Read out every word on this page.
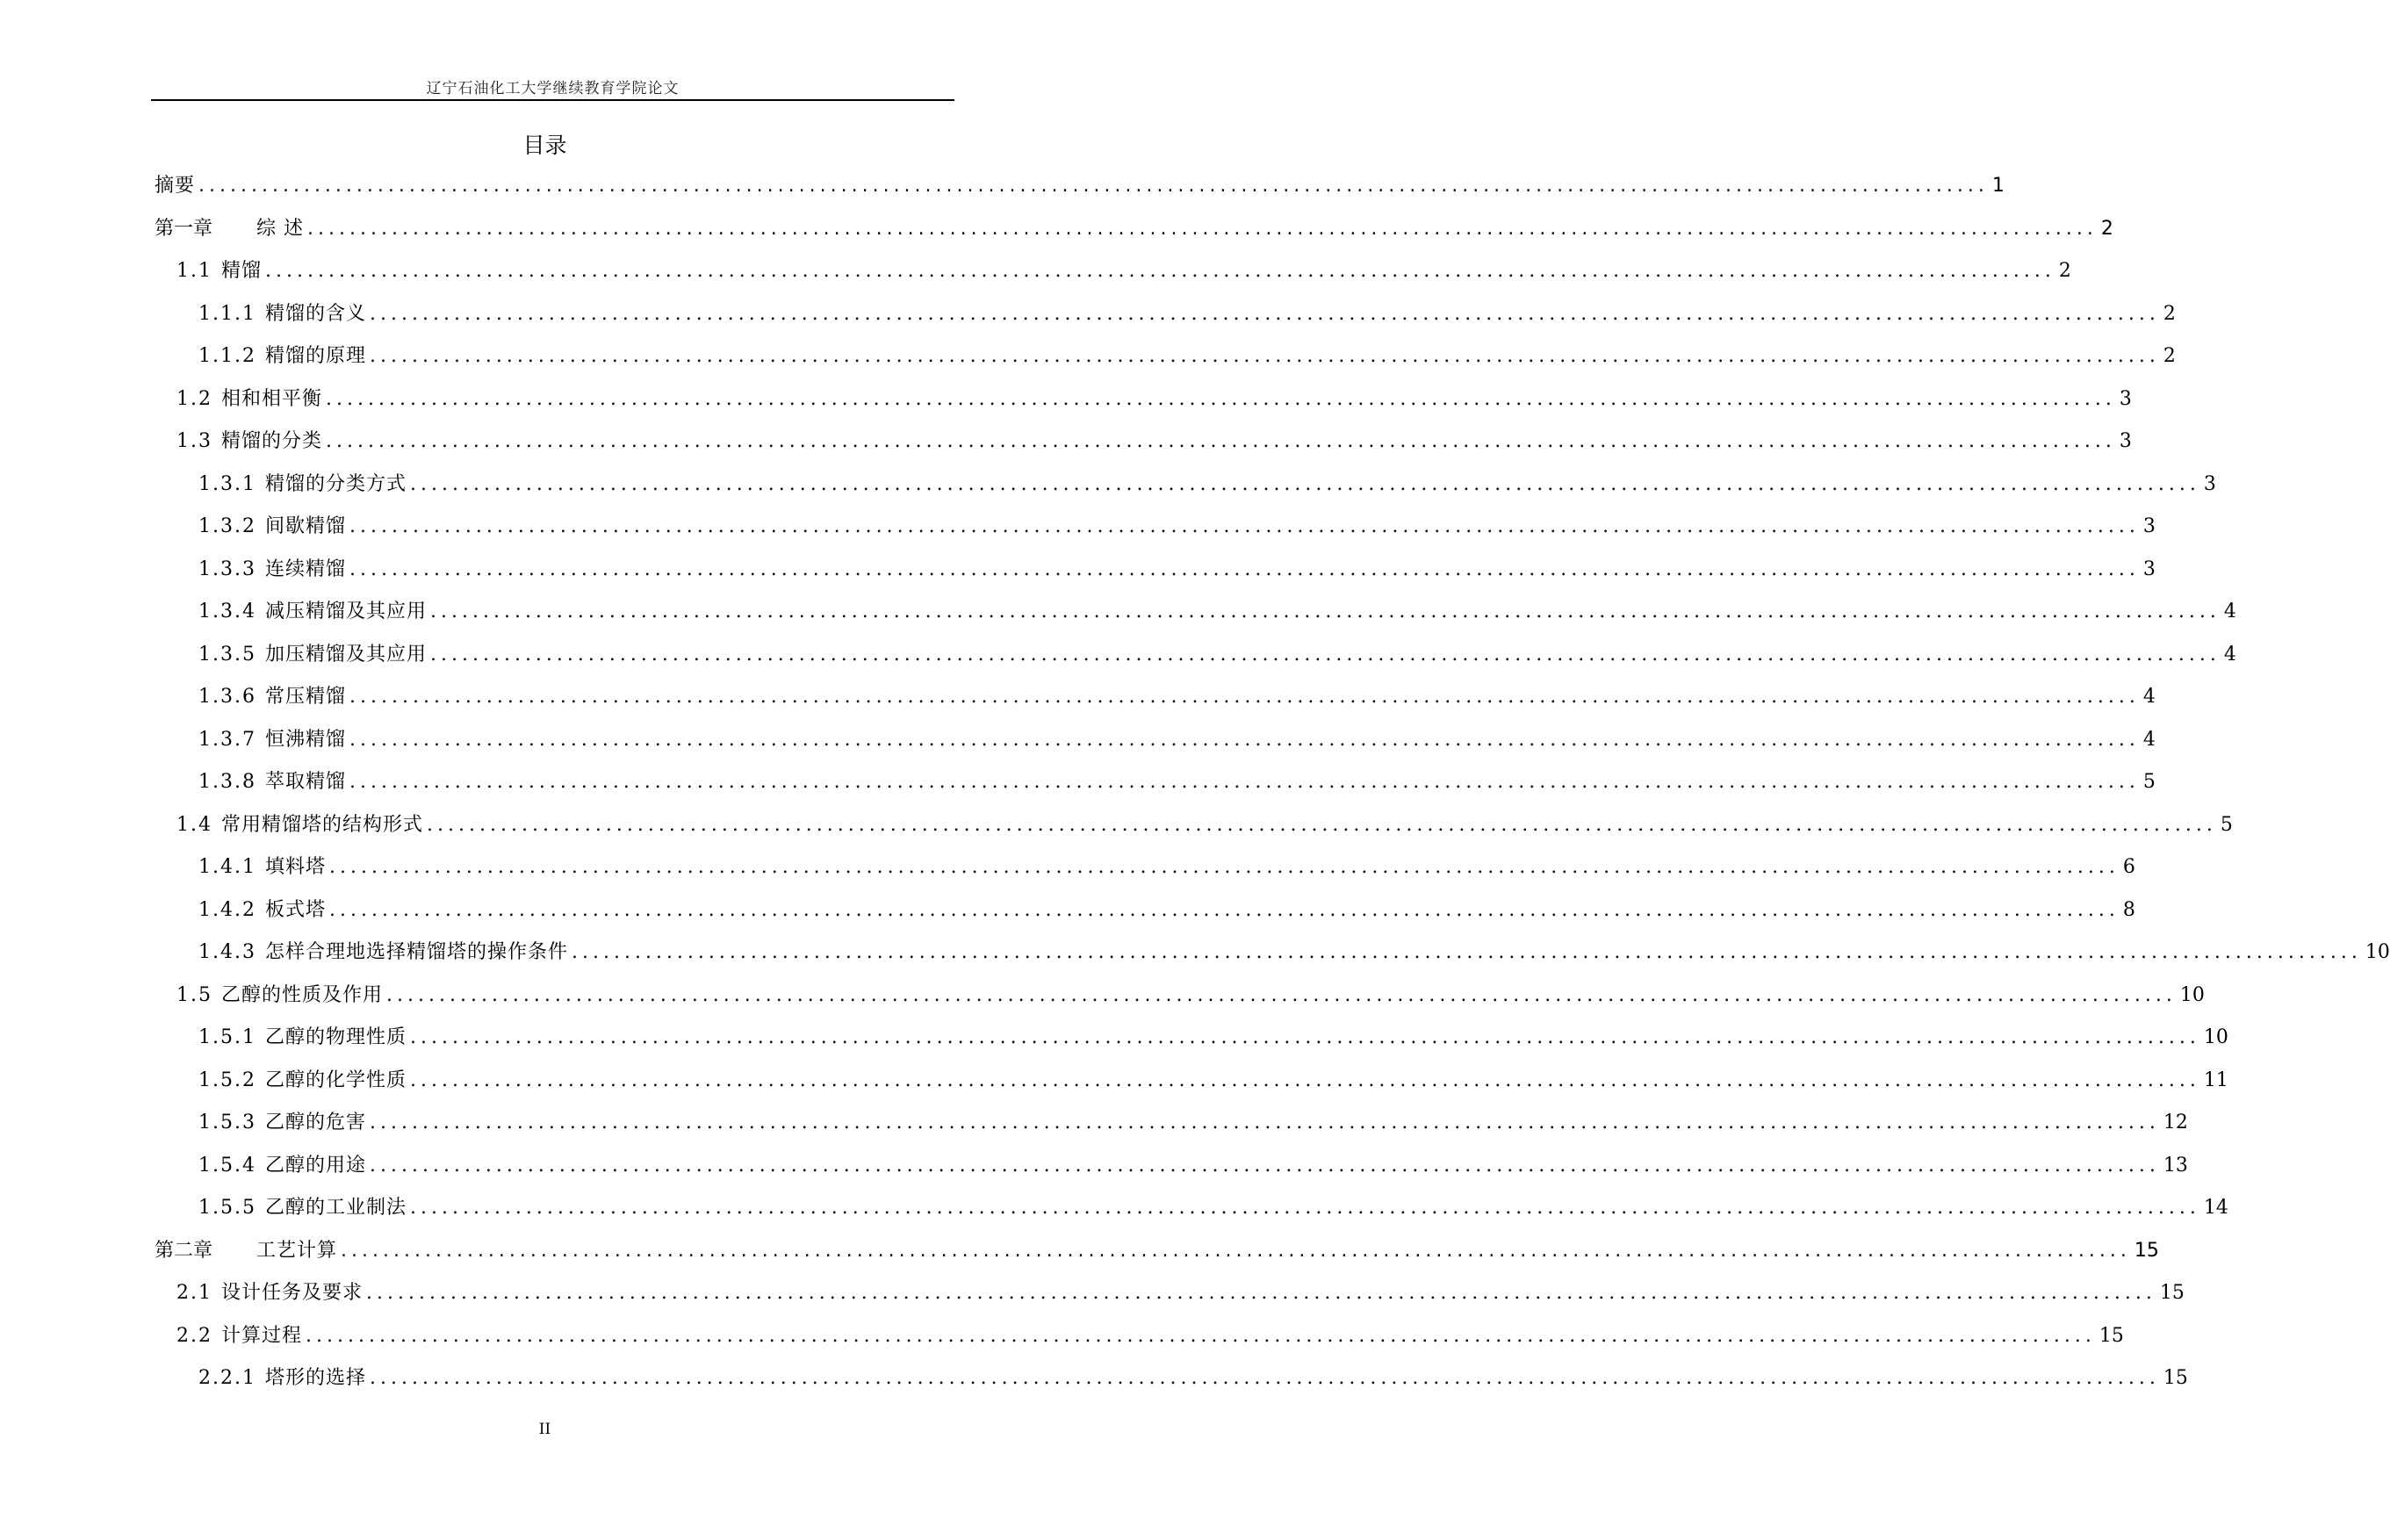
辽宁石油化工大学继续教育学院论文
目录
摘要 .....	1
第一章 综 述 .....	2
1.1 精馏 .....	2
1.1.1 精馏的含义 .....	2
1.1.2 精馏的原理 .....	2
1.2 相和相平衡 .....	3
1.3 精馏的分类 .....	3
1.3.1 精馏的分类方式 .....	3
1.3.2 间歇精馏 .....	3
1.3.3 连续精馏 .....	3
1.3.4 减压精馏及其应用 .....	4
1.3.5 加压精馏及其应用 .....	4
1.3.6 常压精馏 .....	4
1.3.7 恒沸精馏 .....	4
1.3.8 萃取精馏 .....	5
1.4 常用精馏塔的结构形式 .....	5
1.4.1 填料塔 .....	6
1.4.2 板式塔 .....	8
1.4.3 怎样合理地选择精馏塔的操作条件 .....	10
1.5 乙醇的性质及作用 .....	10
1.5.1 乙醇的物理性质 .....	10
1.5.2 乙醇的化学性质 .....	11
1.5.3 乙醇的危害 .....	12
1.5.4 乙醇的用途 .....	13
1.5.5 乙醇的工业制法 .....	14
第二章 工艺计算 .....	15
2.1 设计任务及要求 .....	15
2.2 计算过程 .....	15
2.2.1 塔形的选择 .....	15
II
